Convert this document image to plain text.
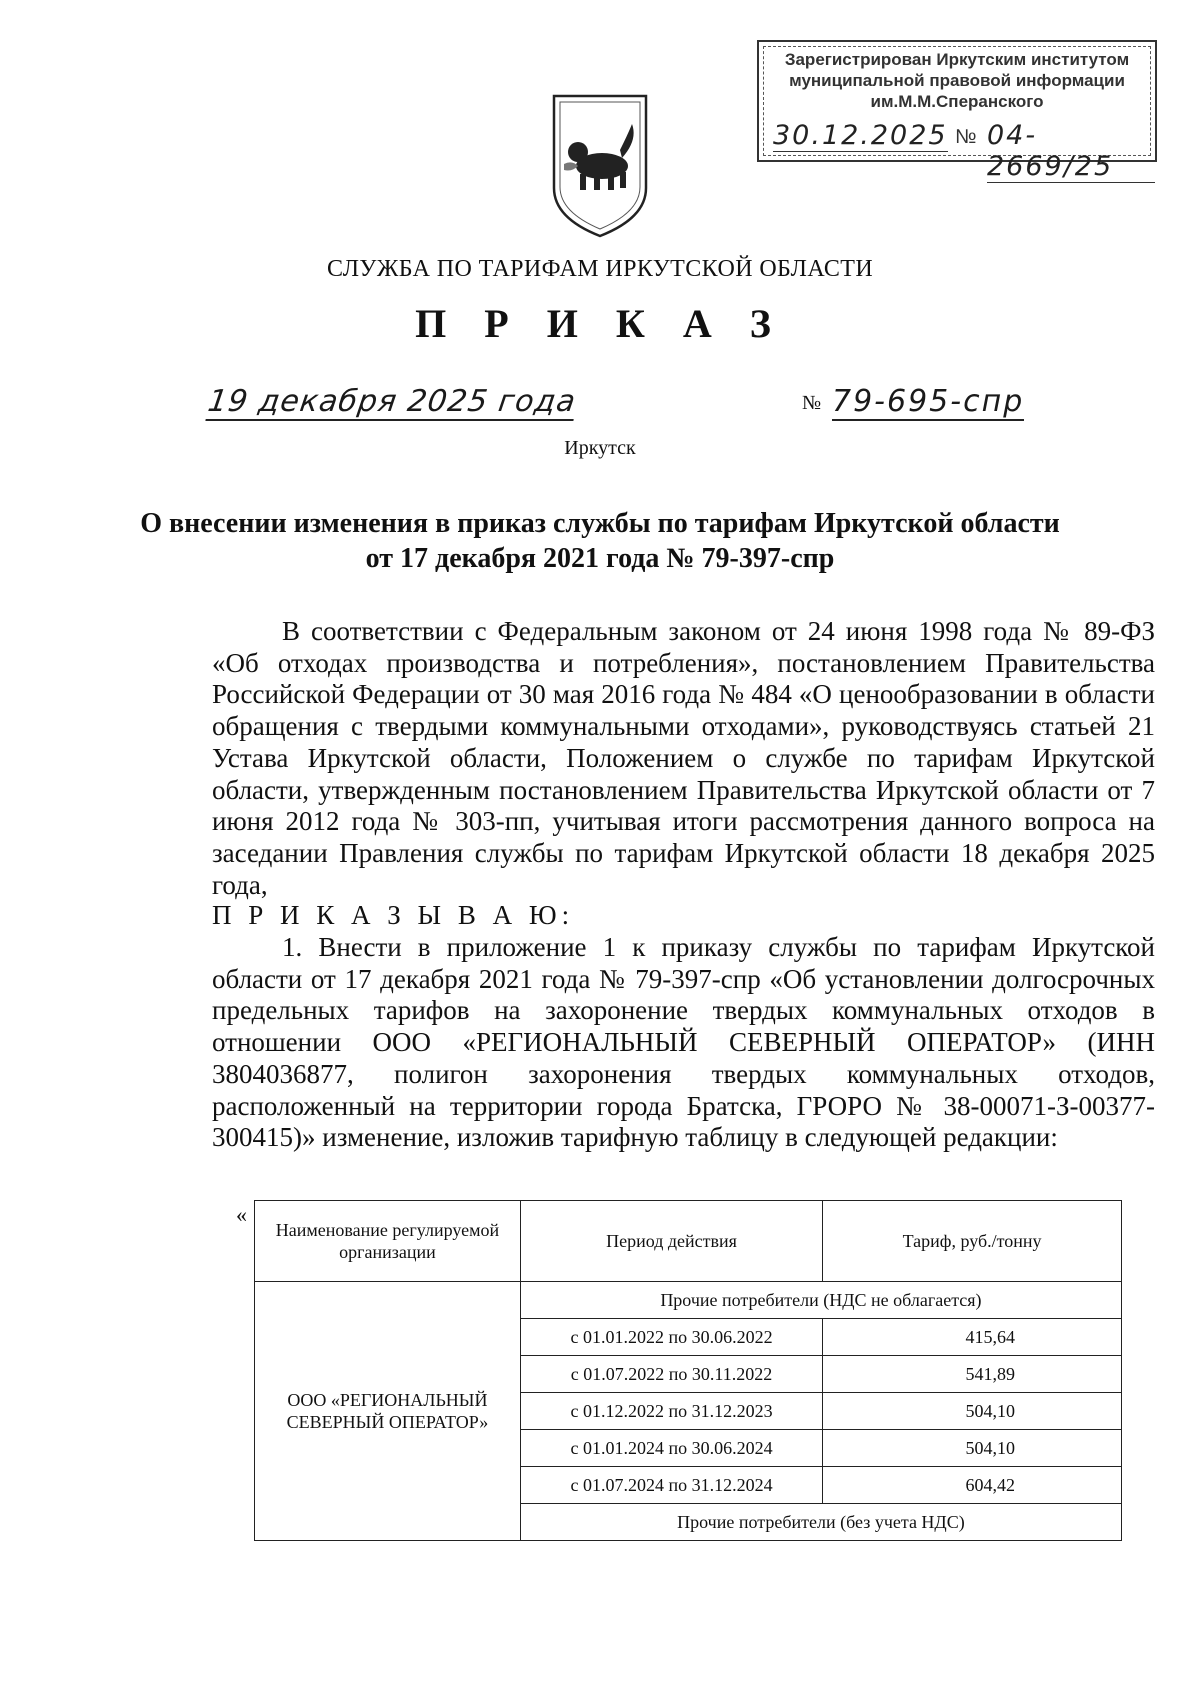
Зарегистрирован Иркутским институтом
муниципальной правовой информации
им.М.М.Сперанского
30.12.2025 № 04-2669/25
СЛУЖБА ПО ТАРИФАМ ИРКУТСКОЙ ОБЛАСТИ
П Р И К А З
19 декабря 2025 года	№ 79-695-спр
Иркутск
О внесении изменения в приказ службы по тарифам Иркутской области
от 17 декабря 2021 года № 79-397-спр
В соответствии с Федеральным законом от 24 июня 1998 года № 89-ФЗ «Об отходах производства и потребления», постановлением Правительства Российской Федерации от 30 мая 2016 года № 484 «О ценообразовании в области обращения с твердыми коммунальными отходами», руководствуясь статьей 21 Устава Иркутской области, Положением о службе по тарифам Иркутской области, утвержденным постановлением Правительства Иркутской области от 7 июня 2012 года № 303-пп, учитывая итоги рассмотрения данного вопроса на заседании Правления службы по тарифам Иркутской области 18 декабря 2025 года,
П Р И К А З Ы В А Ю:
1. Внести в приложение 1 к приказу службы по тарифам Иркутской области от 17 декабря 2021 года № 79-397-спр «Об установлении долгосрочных предельных тарифов на захоронение твердых коммунальных отходов в отношении ООО «РЕГИОНАЛЬНЫЙ СЕВЕРНЫЙ ОПЕРАТОР» (ИНН 3804036877, полигон захоронения твердых коммунальных отходов, расположенный на территории города Братска, ГРОРО № 38-00071-З-00377-300415)» изменение, изложив тарифную таблицу в следующей редакции:
«
Наименование регулируемой организации	Период действия	Тариф, руб./тонну
ООО «РЕГИОНАЛЬНЫЙ СЕВЕРНЫЙ ОПЕРАТОР»	Прочие потребители (НДС не облагается)	
	с 01.01.2022 по 30.06.2022	415,64
	с 01.07.2022 по 30.11.2022	541,89
	с 01.12.2022 по 31.12.2023	504,10
	с 01.01.2024 по 30.06.2024	504,10
	с 01.07.2024 по 31.12.2024	604,42
	Прочие потребители (без учета НДС)	
